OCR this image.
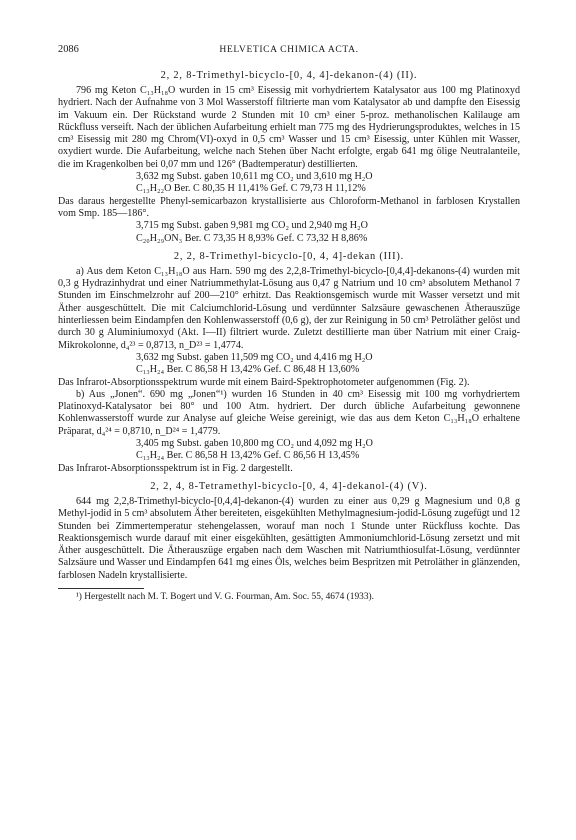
2086	HELVETICA CHIMICA ACTA.

2, 2, 8-Trimethyl-bicyclo-[0, 4, 4]-dekanon-(4) (II).

796 mg Keton C₁₃H₁₈O wurden in 15 cm³ Eisessig mit vorhydriertem Katalysator aus 100 mg Platinoxyd hydriert. Nach der Aufnahme von 3 Mol Wasserstoff filtrierte man vom Katalysator ab und dampfte den Eisessig im Vakuum ein. Der Rückstand wurde 2 Stunden mit 10 cm³ einer 5-proz. methanolischen Kalilauge am Rückfluss verseift. Nach der üblichen Aufarbeitung erhielt man 775 mg des Hydrierungsproduktes, welches in 15 cm³ Eisessig mit 280 mg Chrom(VI)-oxyd in 0,5 cm³ Wasser und 15 cm³ Eisessig, unter Kühlen mit Wasser, oxydiert wurde. Die Aufarbeitung, welche nach Stehen über Nacht erfolgte, ergab 641 mg ölige Neutralanteile, die im Kragenkolben bei 0,07 mm und 126° (Badtemperatur) destillierten.

3,632 mg Subst. gaben 10,611 mg CO₂ und 3,610 mg H₂O

C₁₃H₂₂O Ber. C 80,35 H 11,41% Gef. C 79,73 H 11,12%

Das daraus hergestellte Phenyl-semicarbazon krystallisierte aus Chloroform-Methanol in farblosen Krystallen vom Smp. 185—186°.

3,715 mg Subst. gaben 9,981 mg CO₂ und 2,940 mg H₂O

C₂₀H₂₉ON₃ Ber. C 73,35 H 8,93% Gef. C 73,32 H 8,86%

2, 2, 8-Trimethyl-bicyclo-[0, 4, 4]-dekan (III).

a) Aus dem Keton C₁₃H₁₈O aus Harn. 590 mg des 2,2,8-Trimethyl-bicyclo-[0,4,4]-dekanons-(4) wurden mit 0,3 g Hydrazinhydrat und einer Natriummethylat-Lösung aus 0,47 g Natrium und 10 cm³ absolutem Methanol 7 Stunden im Einschmelzrohr auf 200—210° erhitzt. Das Reaktionsgemisch wurde mit Wasser versetzt und mit Äther ausgeschüttelt. Die mit Calciumchlorid-Lösung und verdünnter Salzsäure gewaschenen Ätherauszüge hinterliessen beim Eindampfen den Kohlenwasserstoff (0,6 g), der zur Reinigung in 50 cm³ Petroläther gelöst und durch 30 g Aluminiumoxyd (Akt. I—II) filtriert wurde. Zuletzt destillierte man über Natrium mit einer Craig-Mikrokolonne, d₄²³ = 0,8713, n_D²³ = 1,4774.

3,632 mg Subst. gaben 11,509 mg CO₂ und 4,416 mg H₂O

C₁₃H₂₄ Ber. C 86,58 H 13,42% Gef. C 86,48 H 13,60%

Das Infrarot-Absorptionsspektrum wurde mit einem Baird-Spektrophotometer aufgenommen (Fig. 2).

b) Aus „Jonen“. 690 mg „Jonen“¹) wurden 16 Stunden in 40 cm³ Eisessig mit 100 mg vorhydriertem Platinoxyd-Katalysator bei 80° und 100 Atm. hydriert. Der durch übliche Aufarbeitung gewonnene Kohlenwasserstoff wurde zur Analyse auf gleiche Weise gereinigt, wie das aus dem Keton C₁₃H₁₈O erhaltene Präparat, d₄²⁴ = 0,8710, n_D²⁴ = 1,4779.

3,405 mg Subst. gaben 10,800 mg CO₂ und 4,092 mg H₂O

C₁₃H₂₄ Ber. C 86,58 H 13,42% Gef. C 86,56 H 13,45%

Das Infrarot-Absorptionsspektrum ist in Fig. 2 dargestellt.

2, 2, 4, 8-Tetramethyl-bicyclo-[0, 4, 4]-dekanol-(4) (V).

644 mg 2,2,8-Trimethyl-bicyclo-[0,4,4]-dekanon-(4) wurden zu einer aus 0,29 g Magnesium und 0,8 g Methyl-jodid in 5 cm³ absolutem Äther bereiteten, eisgekühlten Methylmagnesium-jodid-Lösung zugefügt und 12 Stunden bei Zimmertemperatur stehengelassen, worauf man noch 1 Stunde unter Rückfluss kochte. Das Reaktionsgemisch wurde darauf mit einer eisgekühlten, gesättigten Ammoniumchlorid-Lösung zersetzt und mit Äther ausgeschüttelt. Die Ätherauszüge ergaben nach dem Waschen mit Natriumthiosulfat-Lösung, verdünnter Salzsäure und Wasser und Eindampfen 641 mg eines Öls, welches beim Bespritzen mit Petroläther in glänzenden, farblosen Nadeln krystallisierte.

¹) Hergestellt nach M. T. Bogert und V. G. Fourman, Am. Soc. 55, 4674 (1933).
